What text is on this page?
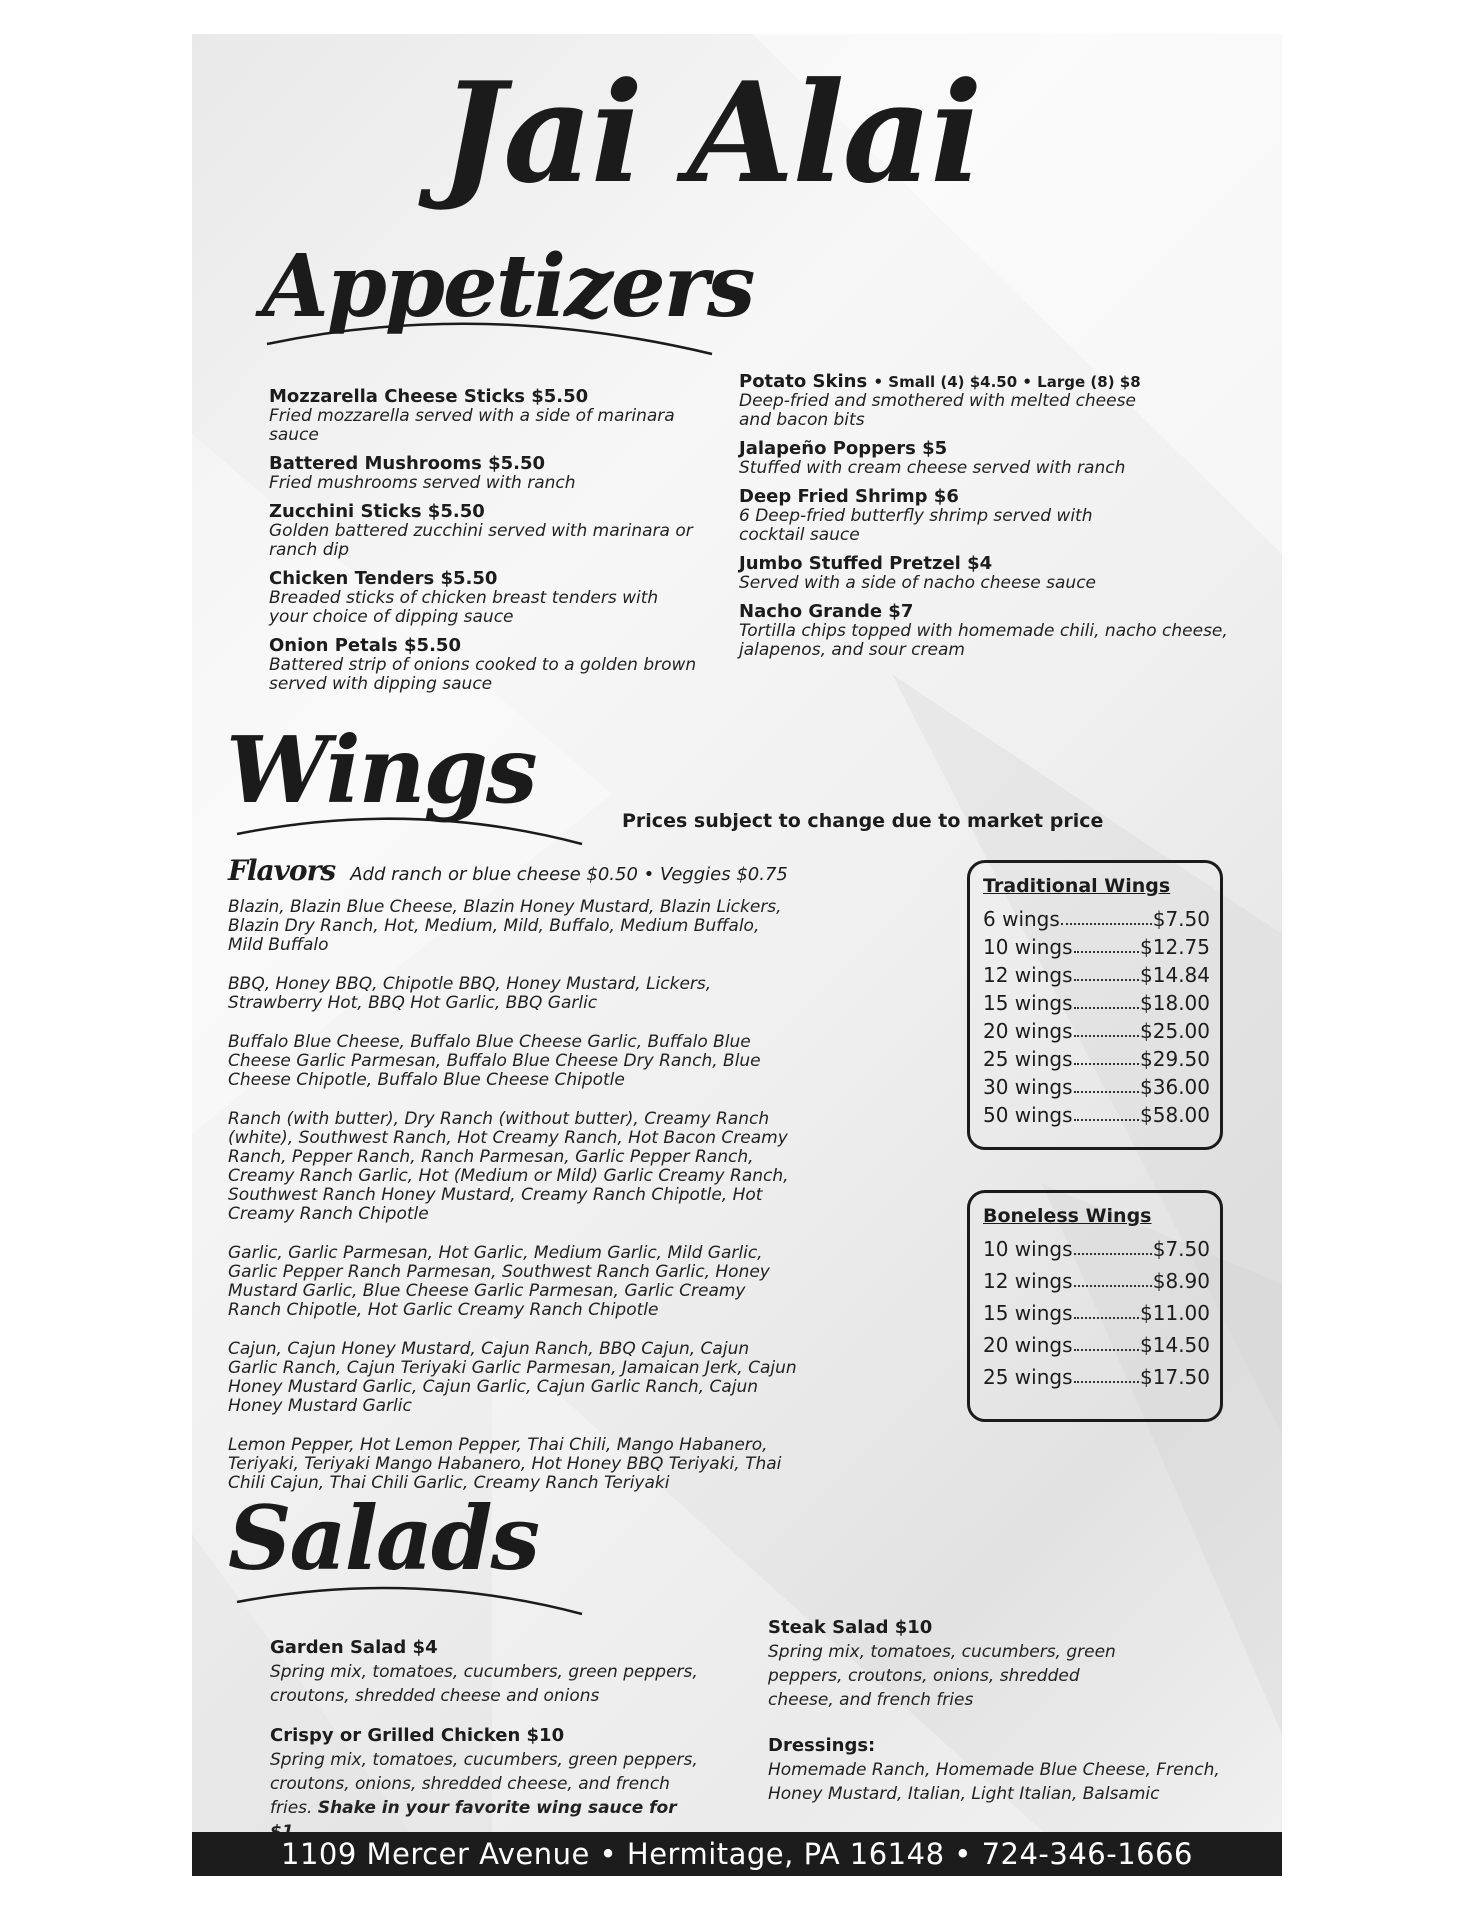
Jai Alai
Appetizers
Mozzarella Cheese Sticks $5.50
Fried mozzarella served with a side of marinara sauce
Battered Mushrooms $5.50
Fried mushrooms served with ranch
Zucchini Sticks $5.50
Golden battered zucchini served with marinara or ranch dip
Chicken Tenders $5.50
Breaded sticks of chicken breast tenders with your choice of dipping sauce
Onion Petals $5.50
Battered strip of onions cooked to a golden brown served with dipping sauce
Potato Skins • Small (4) $4.50 • Large (8) $8
Deep-fried and smothered with melted cheese and bacon bits
Jalapeño Poppers $5
Stuffed with cream cheese served with ranch
Deep Fried Shrimp $6
6 Deep-fried butterfly shrimp served with cocktail sauce
Jumbo Stuffed Pretzel $4
Served with a side of nacho cheese sauce
Nacho Grande $7
Tortilla chips topped with homemade chili, nacho cheese, jalapenos, and sour cream
Wings	Prices subject to change due to market price
Flavors Add ranch or blue cheese $0.50 • Veggies $0.75
Blazin, Blazin Blue Cheese, Blazin Honey Mustard, Blazin Lickers, Blazin Dry Ranch, Hot, Medium, Mild, Buffalo, Medium Buffalo, Mild Buffalo
BBQ, Honey BBQ, Chipotle BBQ, Honey Mustard, Lickers, Strawberry Hot, BBQ Hot Garlic, BBQ Garlic
Buffalo Blue Cheese, Buffalo Blue Cheese Garlic, Buffalo Blue Cheese Garlic Parmesan, Buffalo Blue Cheese Dry Ranch, Blue Cheese Chipotle, Buffalo Blue Cheese Chipotle
Ranch (with butter), Dry Ranch (without butter), Creamy Ranch (white), Southwest Ranch, Hot Creamy Ranch, Hot Bacon Creamy Ranch, Pepper Ranch, Ranch Parmesan, Garlic Pepper Ranch, Creamy Ranch Garlic, Hot (Medium or Mild) Garlic Creamy Ranch, Southwest Ranch Honey Mustard, Creamy Ranch Chipotle, Hot Creamy Ranch Chipotle
Garlic, Garlic Parmesan, Hot Garlic, Medium Garlic, Mild Garlic, Garlic Pepper Ranch Parmesan, Southwest Ranch Garlic, Honey Mustard Garlic, Blue Cheese Garlic Parmesan, Garlic Creamy Ranch Chipotle, Hot Garlic Creamy Ranch Chipotle
Cajun, Cajun Honey Mustard, Cajun Ranch, BBQ Cajun, Cajun Garlic Ranch, Cajun Teriyaki Garlic Parmesan, Jamaican Jerk, Cajun Honey Mustard Garlic, Cajun Garlic, Cajun Garlic Ranch, Cajun Honey Mustard Garlic
Lemon Pepper, Hot Lemon Pepper, Thai Chili, Mango Habanero, Teriyaki, Teriyaki Mango Habanero, Hot Honey BBQ Teriyaki, Thai Chili Cajun, Thai Chili Garlic, Creamy Ranch Teriyaki
Traditional Wings
6 wings	$7.50
10 wings	$12.75
12 wings	$14.84
15 wings	$18.00
20 wings	$25.00
25 wings	$29.50
30 wings	$36.00
50 wings	$58.00
Boneless Wings
10 wings	$7.50
12 wings	$8.90
15 wings	$11.00
20 wings	$14.50
25 wings	$17.50
Salads
Garden Salad $4
Spring mix, tomatoes, cucumbers, green peppers, croutons, shredded cheese and onions
Crispy or Grilled Chicken $10
Spring mix, tomatoes, cucumbers, green peppers, croutons, onions, shredded cheese, and french fries. Shake in your favorite wing sauce for
Steak Salad $10
Spring mix, tomatoes, cucumbers, green peppers, croutons, onions, shredded cheese, and french fries
Dressings:
Homemade Ranch, Homemade Blue Cheese, French, Honey Mustard, Italian, Light Italian, Balsamic
1109 Mercer Avenue • Hermitage, PA 16148 • 724-346-1666
